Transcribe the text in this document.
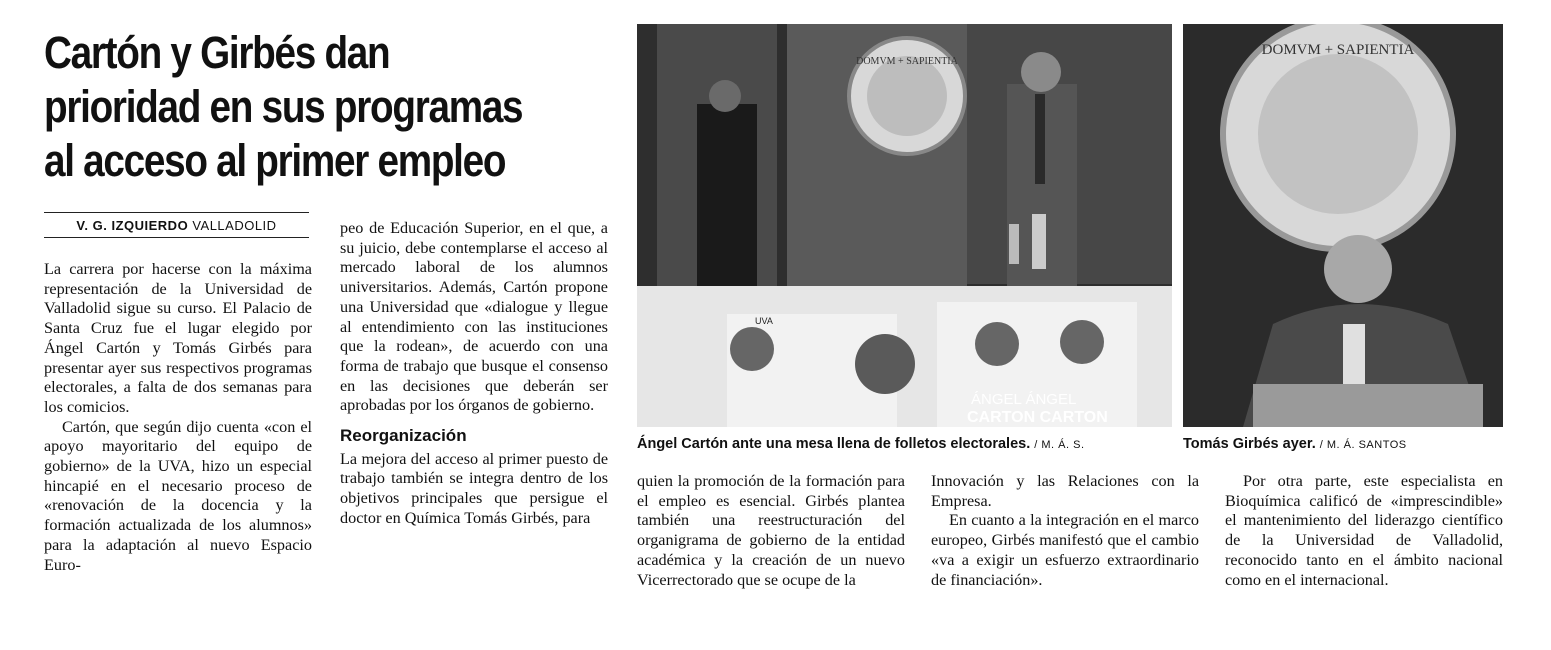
Cartón y Girbés dan prioridad en sus programas al acceso al primer empleo
V. G. IZQUIERDO VALLADOLID

La carrera por hacerse con la máxima representación de la Universidad de Valladolid sigue su curso. El Palacio de Santa Cruz fue el lugar elegido por Ángel Cartón y Tomás Girbés para presentar ayer sus respectivos programas electorales, a falta de dos semanas para los comicios.

Cartón, que según dijo cuenta «con el apoyo mayoritario del equipo de gobierno» de la UVA, hizo un especial hincapié en el necesario proceso de «renovación de la docencia y la formación actualizada de los alumnos» para la adaptación al nuevo Espacio Euro-

peo de Educación Superior, en el que, a su juicio, debe contemplarse el acceso al mercado laboral de los alumnos universitarios. Además, Cartón propone una Universidad que «dialogue y llegue al entendimiento con las instituciones que la rodean», de acuerdo con una forma de trabajo que busque el consenso en las decisiones que deberán ser aprobadas por los órganos de gobierno.

Reorganización

La mejora del acceso al primer puesto de trabajo también se integra dentro de los objetivos principales que persigue el doctor en Química Tomás Girbés, para

DOMVM + SAPIENTIA
UVA
ÁNGEL ÁNGEL
CARTON CARTON
Ángel Cartón ante una mesa llena de folletos electorales. / M. Á. S.
DOMVM + SAPIENTIA
Tomás Girbés ayer. / M. Á. SANTOS

quien la promoción de la formación para el empleo es esencial. Girbés plantea también una reestructuración del organigrama de gobierno de la entidad académica y la creación de un nuevo Vicerrectorado que se ocupe de la

Innovación y las Relaciones con la Empresa.

En cuanto a la integración en el marco europeo, Girbés manifestó que el cambio «va a exigir un esfuerzo extraordinario de financiación».

Por otra parte, este especialista en Bioquímica calificó de «imprescindible» el mantenimiento del liderazgo científico de la Universidad de Valladolid, reconocido tanto en el ámbito nacional como en el internacional.
